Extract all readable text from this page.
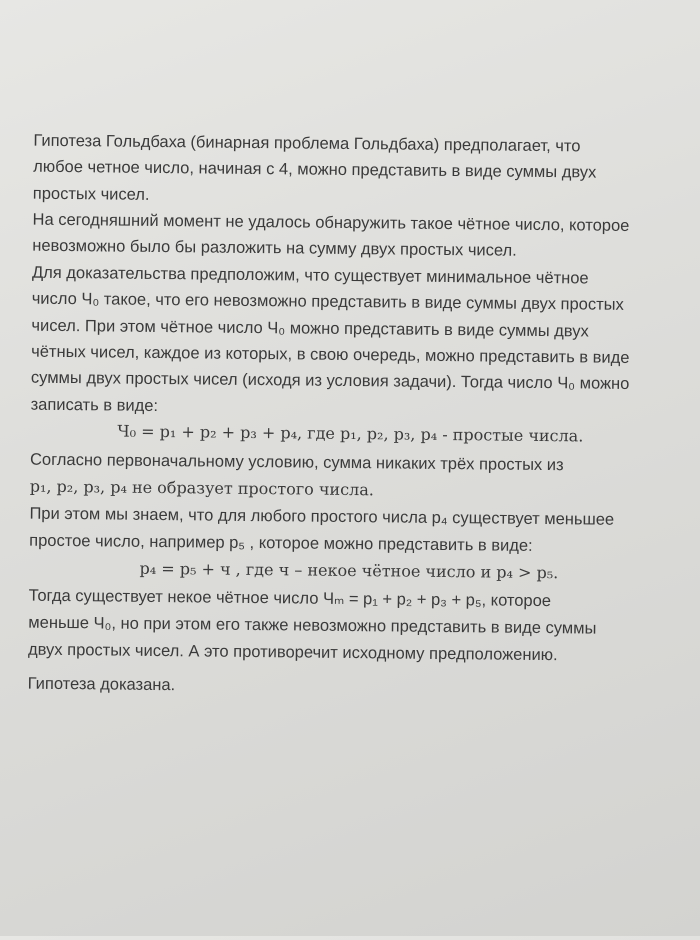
Гипотеза Гольдбаха (бинарная проблема Гольдбаха) предполагает, что
любое четное число, начиная с 4, можно представить в виде суммы двух
простых чисел.
На сегодняшний момент не удалось обнаружить такое чётное число, которое
невозможно было бы разложить на сумму двух простых чисел.
Для доказательства предположим, что существует минимальное чётное
число Ч₀ такое, что его невозможно представить в виде суммы двух простых
чисел. При этом чётное число Ч₀ можно представить в виде суммы двух
чётных чисел, каждое из которых, в свою очередь, можно представить в виде
суммы двух простых чисел (исходя из условия задачи). Тогда число Ч₀ можно
записать в виде:
Ч₀ = p₁ + p₂ + p₃ + p₄, где p₁, p₂, p₃, p₄ - простые числа.
Согласно первоначальному условию, сумма никаких трёх простых из
p₁, p₂, p₃, p₄ не образует простого числа.
При этом мы знаем, что для любого простого числа p₄ существует меньшее
простое число, например p₅ , которое можно представить в виде:
p₄ = p₅ + ч , где ч – некое чётное число и p₄ > p₅.
Тогда существует некое чётное число Чₘ = p₁ + p₂ + p₃ + p₅, которое
меньше Ч₀, но при этом его также невозможно представить в виде суммы
двух простых чисел. А это противоречит исходному предположению.
Гипотеза доказана.
